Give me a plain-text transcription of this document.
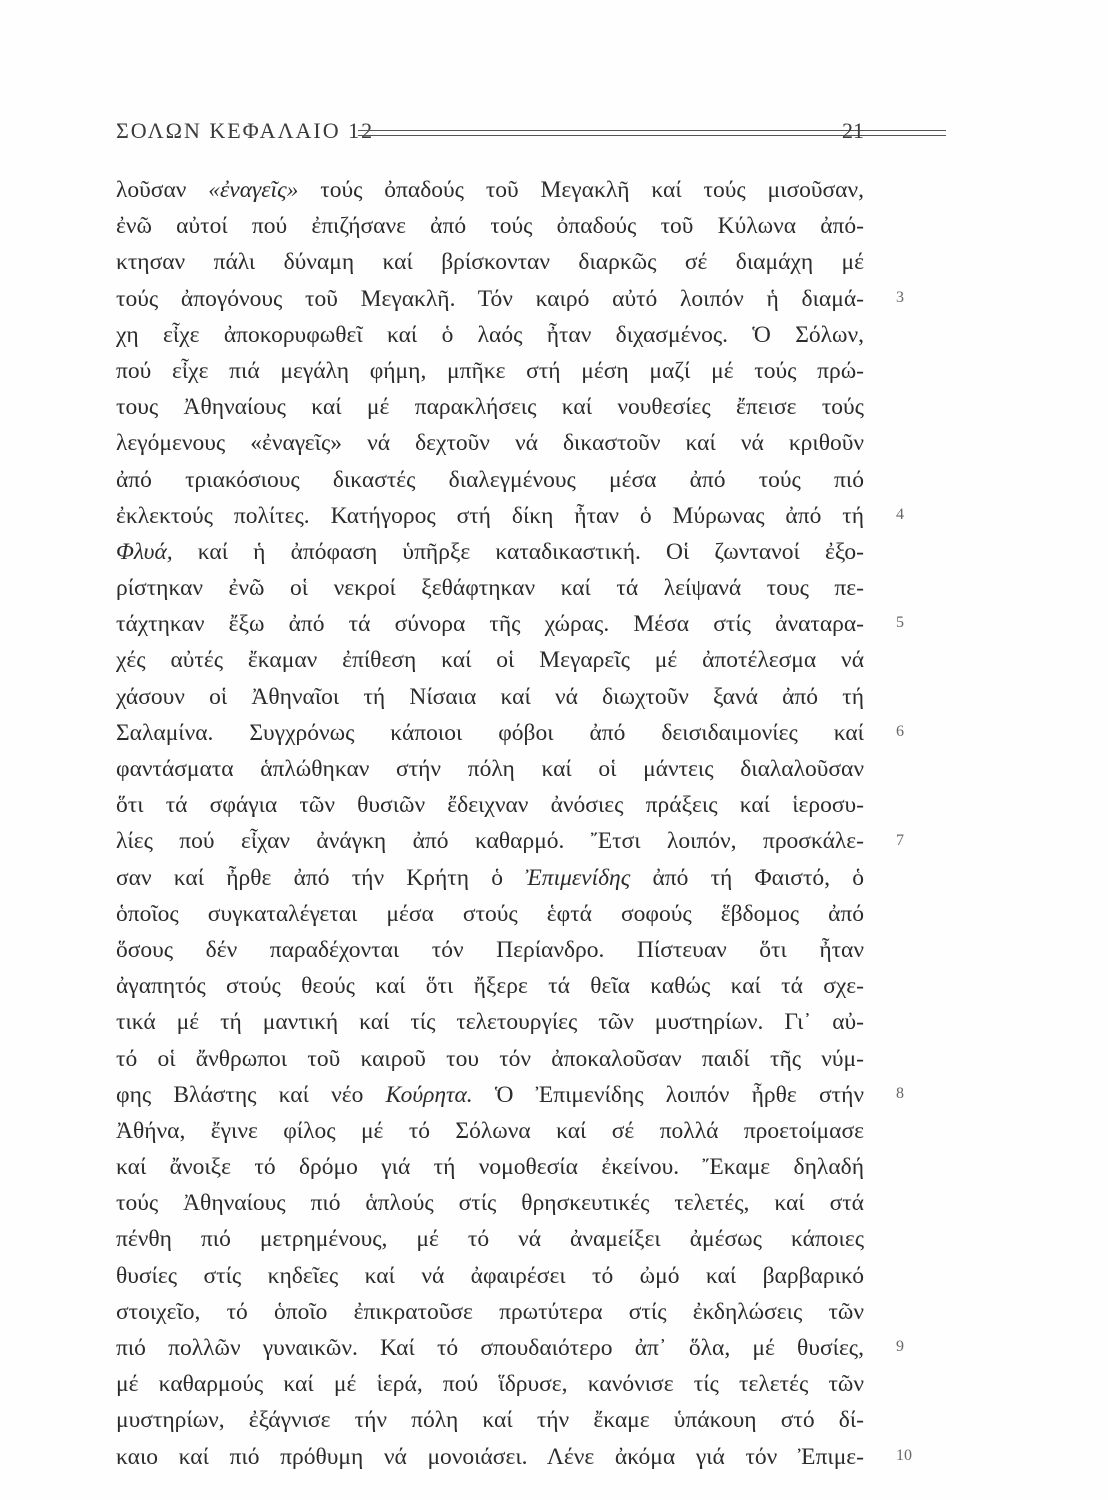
ΣΟΛΩΝ ΚΕΦΑΛΑΙΟ 12	21
λοῦσαν «ἐναγεῖς» τούς ὀπαδούς τοῦ Μεγακλῆ καί τούς μισοῦσαν,
ἐνῶ αὐτοί πού ἐπιζήσανε ἀπό τούς ὀπαδούς τοῦ Κύλωνα ἀπό-
κτησαν πάλι δύναμη καί βρίσκονταν διαρκῶς σέ διαμάχη μέ
τούς ἀπογόνους τοῦ Μεγακλῆ. Τόν καιρό αὐτό λοιπόν ἡ διαμά-
χη εἶχε ἀποκορυφωθεῖ καί ὁ λαός ἦταν διχασμένος. Ὁ Σόλων,
πού εἶχε πιά μεγάλη φήμη, μπῆκε στή μέση μαζί μέ τούς πρώ-
τους Ἀθηναίους καί μέ παρακλήσεις καί νουθεσίες ἔπεισε τούς
λεγόμενους «ἐναγεῖς» νά δεχτοῦν νά δικαστοῦν καί νά κριθοῦν
ἀπό τριακόσιους δικαστές διαλεγμένους μέσα ἀπό τούς πιό
ἐκλεκτούς πολίτες. Κατήγορος στή δίκη ἦταν ὁ Μύρωνας ἀπό τή
Φλυά, καί ἡ ἀπόφαση ὑπῆρξε καταδικαστική. Οἱ ζωντανοί ἐξο-
ρίστηκαν ἐνῶ οἱ νεκροί ξεθάφτηκαν καί τά λείψανά τους πε-
τάχτηκαν ἔξω ἀπό τά σύνορα τῆς χώρας. Μέσα στίς ἀναταρα-
χές αὐτές ἔκαμαν ἐπίθεση καί οἱ Μεγαρεῖς μέ ἀποτέλεσμα νά
χάσουν οἱ Ἀθηναῖοι τή Νίσαια καί νά διωχτοῦν ξανά ἀπό τή
Σαλαμίνα. Συγχρόνως κάποιοι φόβοι ἀπό δεισιδαιμονίες καί
φαντάσματα ἁπλώθηκαν στήν πόλη καί οἱ μάντεις διαλαλοῦσαν
ὅτι τά σφάγια τῶν θυσιῶν ἔδειχναν ἀνόσιες πράξεις καί ἱεροσυ-
λίες πού εἶχαν ἀνάγκη ἀπό καθαρμό. Ἔτσι λοιπόν, προσκάλε-
σαν καί ἦρθε ἀπό τήν Κρήτη ὁ Ἐπιμενίδης ἀπό τή Φαιστό, ὁ
ὁποῖος συγκαταλέγεται μέσα στούς ἑφτά σοφούς ἕβδομος ἀπό
ὅσους δέν παραδέχονται τόν Περίανδρο. Πίστευαν ὅτι ἦταν
ἀγαπητός στούς θεούς καί ὅτι ἤξερε τά θεῖα καθώς καί τά σχε-
τικά μέ τή μαντική καί τίς τελετουργίες τῶν μυστηρίων. Γι᾽ αὐ-
τό οἱ ἄνθρωποι τοῦ καιροῦ του τόν ἀποκαλοῦσαν παιδί τῆς νύμ-
φης Βλάστης καί νέο Κούρητα. Ὁ Ἐπιμενίδης λοιπόν ἦρθε στήν
Ἀθήνα, ἔγινε φίλος μέ τό Σόλωνα καί σέ πολλά προετοίμασε
καί ἄνοιξε τό δρόμο γιά τή νομοθεσία ἐκείνου. Ἔκαμε δηλαδή
τούς Ἀθηναίους πιό ἁπλούς στίς θρησκευτικές τελετές, καί στά
πένθη πιό μετρημένους, μέ τό νά ἀναμείξει ἀμέσως κάποιες
θυσίες στίς κηδεῖες καί νά ἀφαιρέσει τό ὠμό καί βαρβαρικό
στοιχεῖο, τό ὁποῖο ἐπικρατοῦσε πρωτύτερα στίς ἐκδηλώσεις τῶν
πιό πολλῶν γυναικῶν. Καί τό σπουδαιότερο ἀπ᾽ ὅλα, μέ θυσίες,
μέ καθαρμούς καί μέ ἱερά, πού ἵδρυσε, κανόνισε τίς τελετές τῶν
μυστηρίων, ἐξάγνισε τήν πόλη καί τήν ἔκαμε ὑπάκουη στό δί-
καιο καί πιό πρόθυμη νά μονοιάσει. Λένε ἀκόμα γιά τόν Ἐπιμε-
3
4
5
6
7
8
9
10
